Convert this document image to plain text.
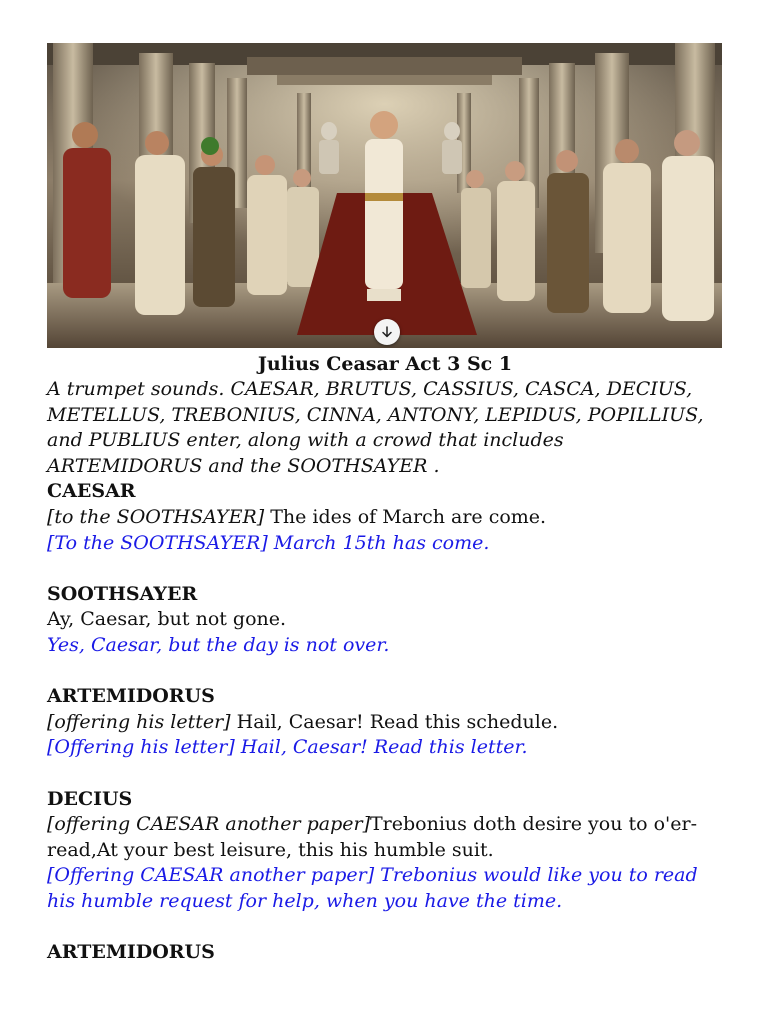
Julius Ceasar Act 3 Sc 1
A trumpet sounds. CAESAR, BRUTUS, CASSIUS, CASCA, DECIUS, METELLUS, TREBONIUS, CINNA, ANTONY, LEPIDUS, POPILLIUS, and PUBLIUS enter, along with a crowd that includes ARTEMIDORUS and the SOOTHSAYER .
CAESAR
[to the SOOTHSAYER] The ides of March are come.
[To the SOOTHSAYER] March 15th has come.
SOOTHSAYER
Ay, Caesar, but not gone.
Yes, Caesar, but the day is not over.
ARTEMIDORUS
[offering his letter] Hail, Caesar! Read this schedule.
[Offering his letter] Hail, Caesar! Read this letter.
DECIUS
[offering CAESAR another paper]Trebonius doth desire you to o'er-read,At your best leisure, this his humble suit.
[Offering CAESAR another paper] Trebonius would like you to read his humble request for help, when you have the time.
ARTEMIDORUS
